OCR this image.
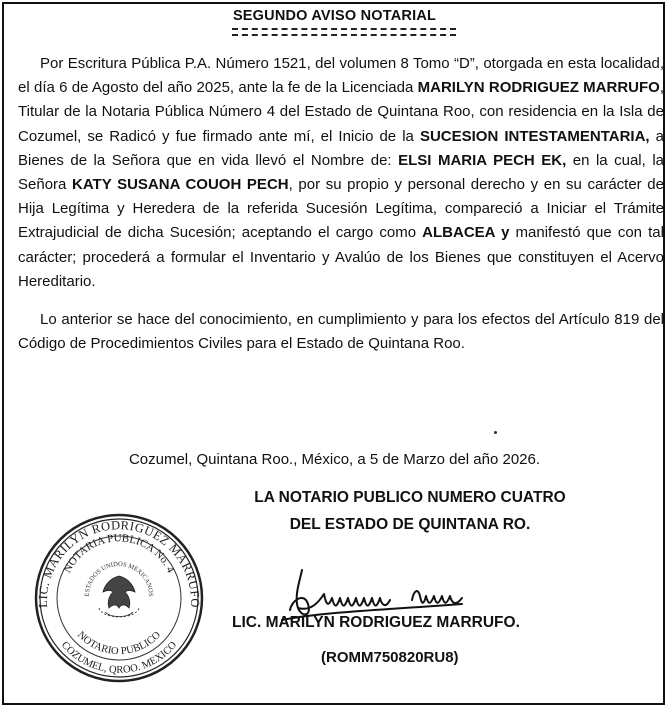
SEGUNDO AVISO NOTARIAL

Por Escritura Pública P.A. Número 1521, del volumen 8 Tomo “D”, otorgada en esta localidad, el día 6 de Agosto del año 2025, ante la fe de la Licenciada MARILYN RODRIGUEZ MARRUFO, Titular de la Notaria Pública Número 4 del Estado de Quintana Roo, con residencia en la Isla de Cozumel, se Radicó y fue firmado ante mí, el Inicio de la SUCESION INTESTAMENTARIA, a Bienes de la Señora que en vida llevó el Nombre de: ELSI MARIA PECH EK, en la cual, la Señora KATY SUSANA COUOH PECH, por su propio y personal derecho y en su carácter de Hija Legítima y Heredera de la referida Sucesión Legítima, compareció a Iniciar el Trámite Extrajudicial de dicha Sucesión; aceptando el cargo como ALBACEA y manifestó que con tal carácter; procederá a formular el Inventario y Avalúo de los Bienes que constituyen el Acervo Hereditario.

Lo anterior se hace del conocimiento, en cumplimiento y para los efectos del Artículo 819 del Código de Procedimientos Civiles para el Estado de Quintana Roo.

Cozumel, Quintana Roo., México, a 5 de Marzo del año 2026.
LA NOTARIO PUBLICO NUMERO CUATRO
DEL ESTADO DE QUINTANA RO.
LIC. MARILYN RODRIGUEZ MARRUFO
NOTARIA PUBLICA No. 4
ESTADOS UNIDOS MEXICANOS
NOTARIO PUBLICO
COZUMEL, QROO. MEXICO
LIC. MARILYN RODRIGUEZ MARRUFO.
(ROMM750820RU8)
